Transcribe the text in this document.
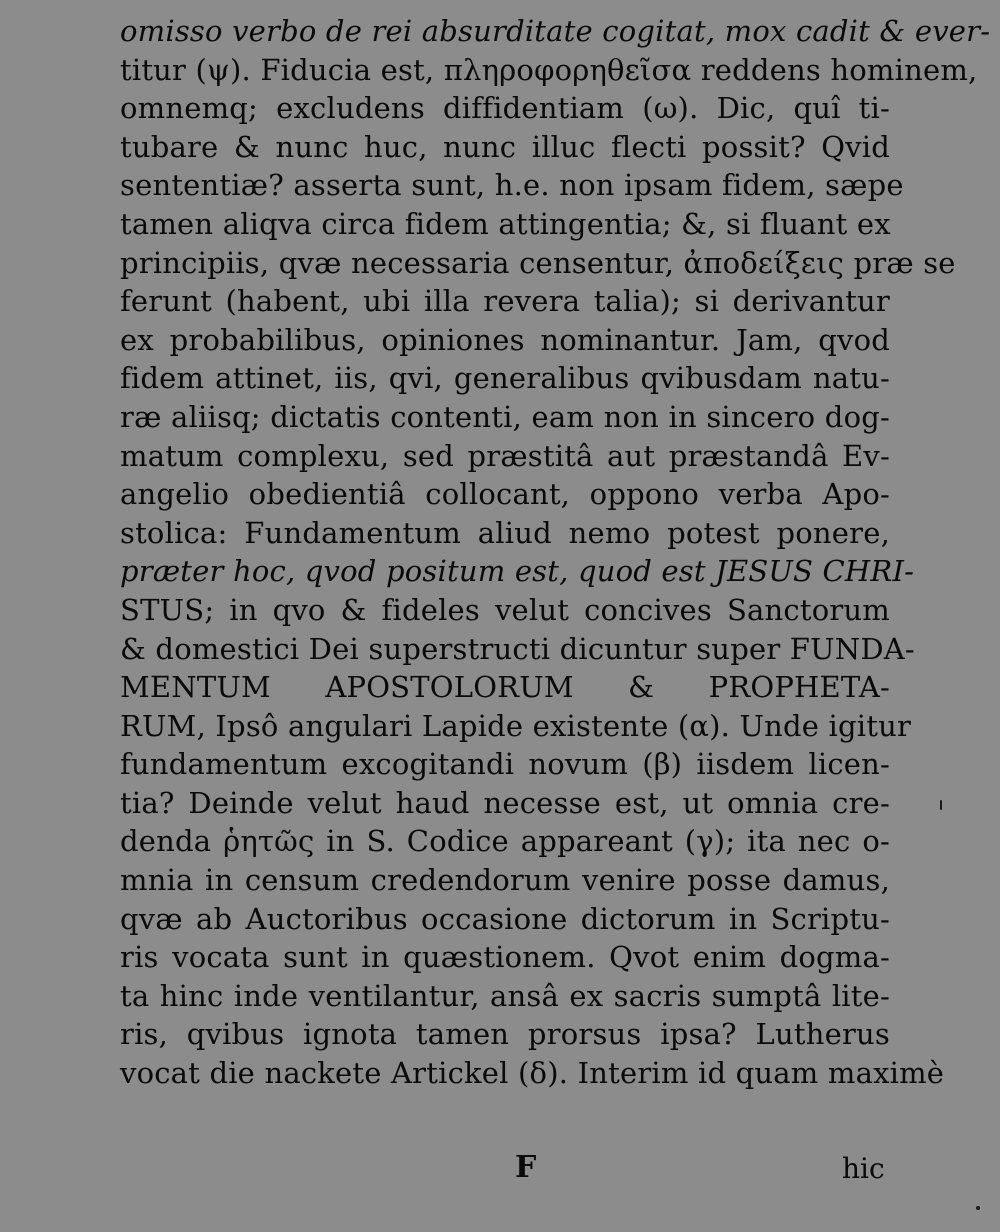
omisso verbo de rei absurditate cogitat, mox cadit & ever-
titur (ψ). Fiducia est, πληροφορηθεῖσα reddens hominem,
omnemq; excludens diffidentiam (ω). Dic, quî ti-
tubare & nunc huc, nunc illuc flecti possit? Qvid
sententiæ? asserta sunt, h.e. non ipsam fidem, sæpe
tamen aliqva circa fidem attingentia; &, si fluant ex
principiis, qvæ necessaria censentur, ἀποδείξεις præ se
ferunt (habent, ubi illa revera talia); si derivantur
ex probabilibus, opiniones nominantur. Jam, qvod
fidem attinet, iis, qvi, generalibus qvibusdam natu-
ræ aliisq; dictatis contenti, eam non in sincero dog-
matum complexu, sed præstitâ aut præstandâ Ev-
angelio obedientiâ collocant, oppono verba Apo-
stolica: Fundamentum aliud nemo potest ponere,
præter hoc, qvod positum est, quod est JESUS CHRI-
STUS; in qvo & fideles velut concives Sanctorum
& domestici Dei superstructi dicuntur super FUNDA-
MENTUM APOSTOLORUM & PROPHETA-
RUM, Ipsô angulari Lapide existente (α). Unde igitur
fundamentum excogitandi novum (β) iisdem licen-
tia? Deinde velut haud necesse est, ut omnia cre-
denda ῥητῶς in S. Codice appareant (γ); ita nec o-
mnia in censum credendorum venire posse damus,
qvæ ab Auctoribus occasione dictorum in Scriptu-
ris vocata sunt in quæstionem. Qvot enim dogma-
ta hinc inde ventilantur, ansâ ex sacris sumptâ lite-
ris, qvibus ignota tamen prorsus ipsa? Lutherus
vocat die nackete Artickel (δ). Interim id quam maximè
F	hic
